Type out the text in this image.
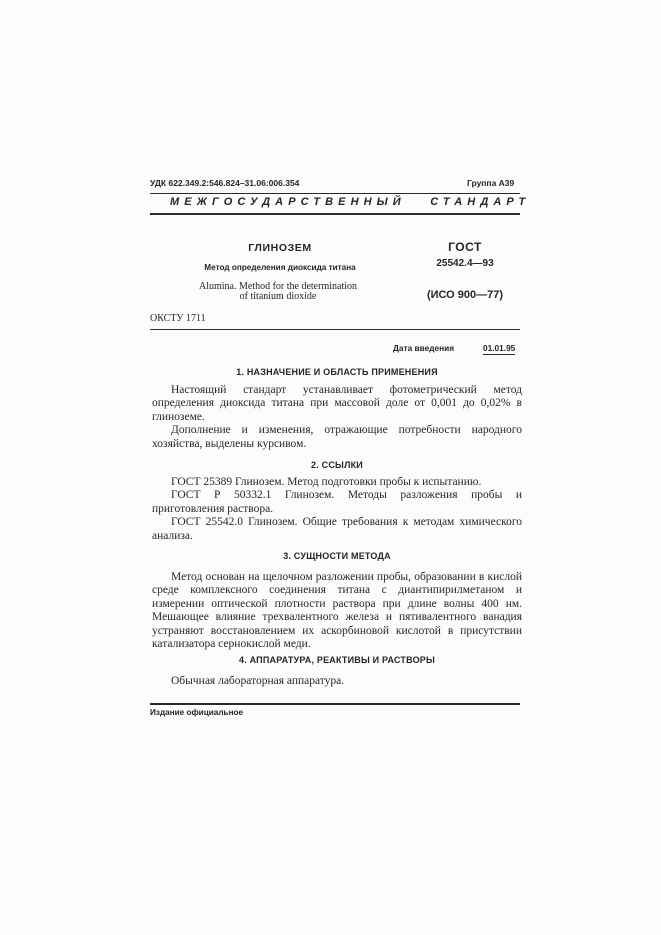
УДК 622.349.2:546.824–31.06:006.354	Группа А39
МЕЖГОСУДАРСТВЕННЫЙ   СТАНДАРТ
ГЛИНОЗЕМ
Метод определения диоксида титана
Alumina. Method for the determination
of titanium dioxide
ГОСТ
25542.4—93
(ИСО 900—77)
ОКСТУ 1711
Дата введения	01.01.95
1. НАЗНАЧЕНИЕ И ОБЛАСТЬ ПРИМЕНЕНИЯ

Настоящий стандарт устанавливает фотометрический метод определения диоксида титана при массовой доле от 0,001 до 0,02% в глиноземе.

Дополнение и изменения, отражающие потребности народного хозяйства, выделены курсивом.

2. ССЫЛКИ

ГОСТ 25389 Глинозем. Метод подготовки пробы к испытанию.

ГОСТ Р 50332.1 Глинозем. Методы разложения пробы и приготовления раствора.

ГОСТ 25542.0 Глинозем. Общие требования к методам химического анализа.

3. СУЩНОСТИ МЕТОДА

Метод основан на щелочном разложении пробы, образовании в кислой среде комплексного соединения титана с диантипирилметаном и измерении оптической плотности раствора при длине волны 400 нм. Мешающее влияние трехвалентного железа и пятивалентного ванадия устраняют восстановлением их аскорбиновой кислотой в присутствии катализатора сернокислой меди.

4. АППАРАТУРА, РЕАКТИВЫ И РАСТВОРЫ

Обычная лабораторная аппаратура.

Издание официальное
